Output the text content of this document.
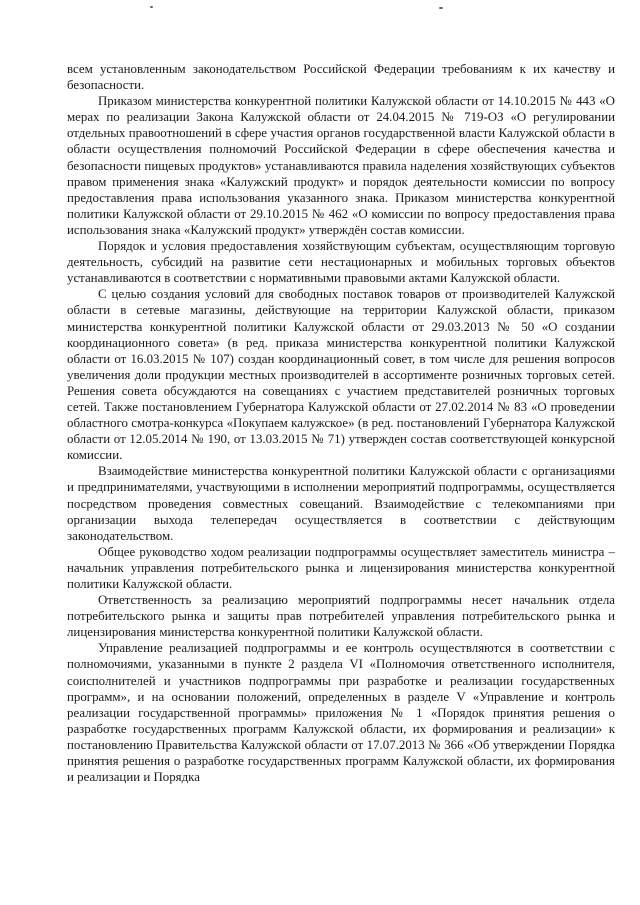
всем установленным законодательством Российской Федерации требованиям к их качеству и безопасности.

Приказом министерства конкурентной политики Калужской области от 14.10.2015 № 443 «О мерах по реализации Закона Калужской области от 24.04.2015 № 719-ОЗ «О регулировании отдельных правоотношений в сфере участия органов государственной власти Калужской области в области осуществления полномочий Российской Федерации в сфере обеспечения качества и безопасности пищевых продуктов» устанавливаются правила наделения хозяйствующих субъектов правом применения знака «Калужский продукт» и порядок деятельности комиссии по вопросу предоставления права использования указанного знака. Приказом министерства конкурентной политики Калужской области от 29.10.2015 № 462 «О комиссии по вопросу предоставления права использования знака «Калужский продукт» утверждён состав комиссии.

Порядок и условия предоставления хозяйствующим субъектам, осуществляющим торговую деятельность, субсидий на развитие сети нестационарных и мобильных торговых объектов устанавливаются в соответствии с нормативными правовыми актами Калужской области.

С целью создания условий для свободных поставок товаров от производителей Калужской области в сетевые магазины, действующие на территории Калужской области, приказом министерства конкурентной политики Калужской области от 29.03.2013 № 50 «О создании координационного совета» (в ред. приказа министерства конкурентной политики Калужской области от 16.03.2015 № 107) создан координационный совет, в том числе для решения вопросов увеличения доли продукции местных производителей в ассортименте розничных торговых сетей. Решения совета обсуждаются на совещаниях с участием представителей розничных торговых сетей. Также постановлением Губернатора Калужской области от 27.02.2014 № 83 «О проведении областного смотра-конкурса «Покупаем калужское» (в ред. постановлений Губернатора Калужской области от 12.05.2014 № 190, от 13.03.2015 № 71) утвержден состав соответствующей конкурсной комиссии.

Взаимодействие министерства конкурентной политики Калужской области с организациями и предпринимателями, участвующими в исполнении мероприятий подпрограммы, осуществляется посредством проведения совместных совещаний. Взаимодействие с телекомпаниями при организации выхода телепередач осуществляется в соответствии с действующим законодательством.

Общее руководство ходом реализации подпрограммы осуществляет заместитель министра – начальник управления потребительского рынка и лицензирования министерства конкурентной политики Калужской области.

Ответственность за реализацию мероприятий подпрограммы несет начальник отдела потребительского рынка и защиты прав потребителей управления потребительского рынка и лицензирования министерства конкурентной политики Калужской области.

Управление реализацией подпрограммы и ее контроль осуществляются в соответствии с полномочиями, указанными в пункте 2 раздела VI «Полномочия ответственного исполнителя, соисполнителей и участников подпрограммы при разработке и реализации государственных программ», и на основании положений, определенных в разделе V «Управление и контроль реализации государственной программы» приложения № 1 «Порядок принятия решения о разработке государственных программ Калужской области, их формирования и реализации» к постановлению Правительства Калужской области от 17.07.2013 № 366 «Об утверждении Порядка принятия решения о разработке государственных программ Калужской области, их формирования и реализации и Порядка
